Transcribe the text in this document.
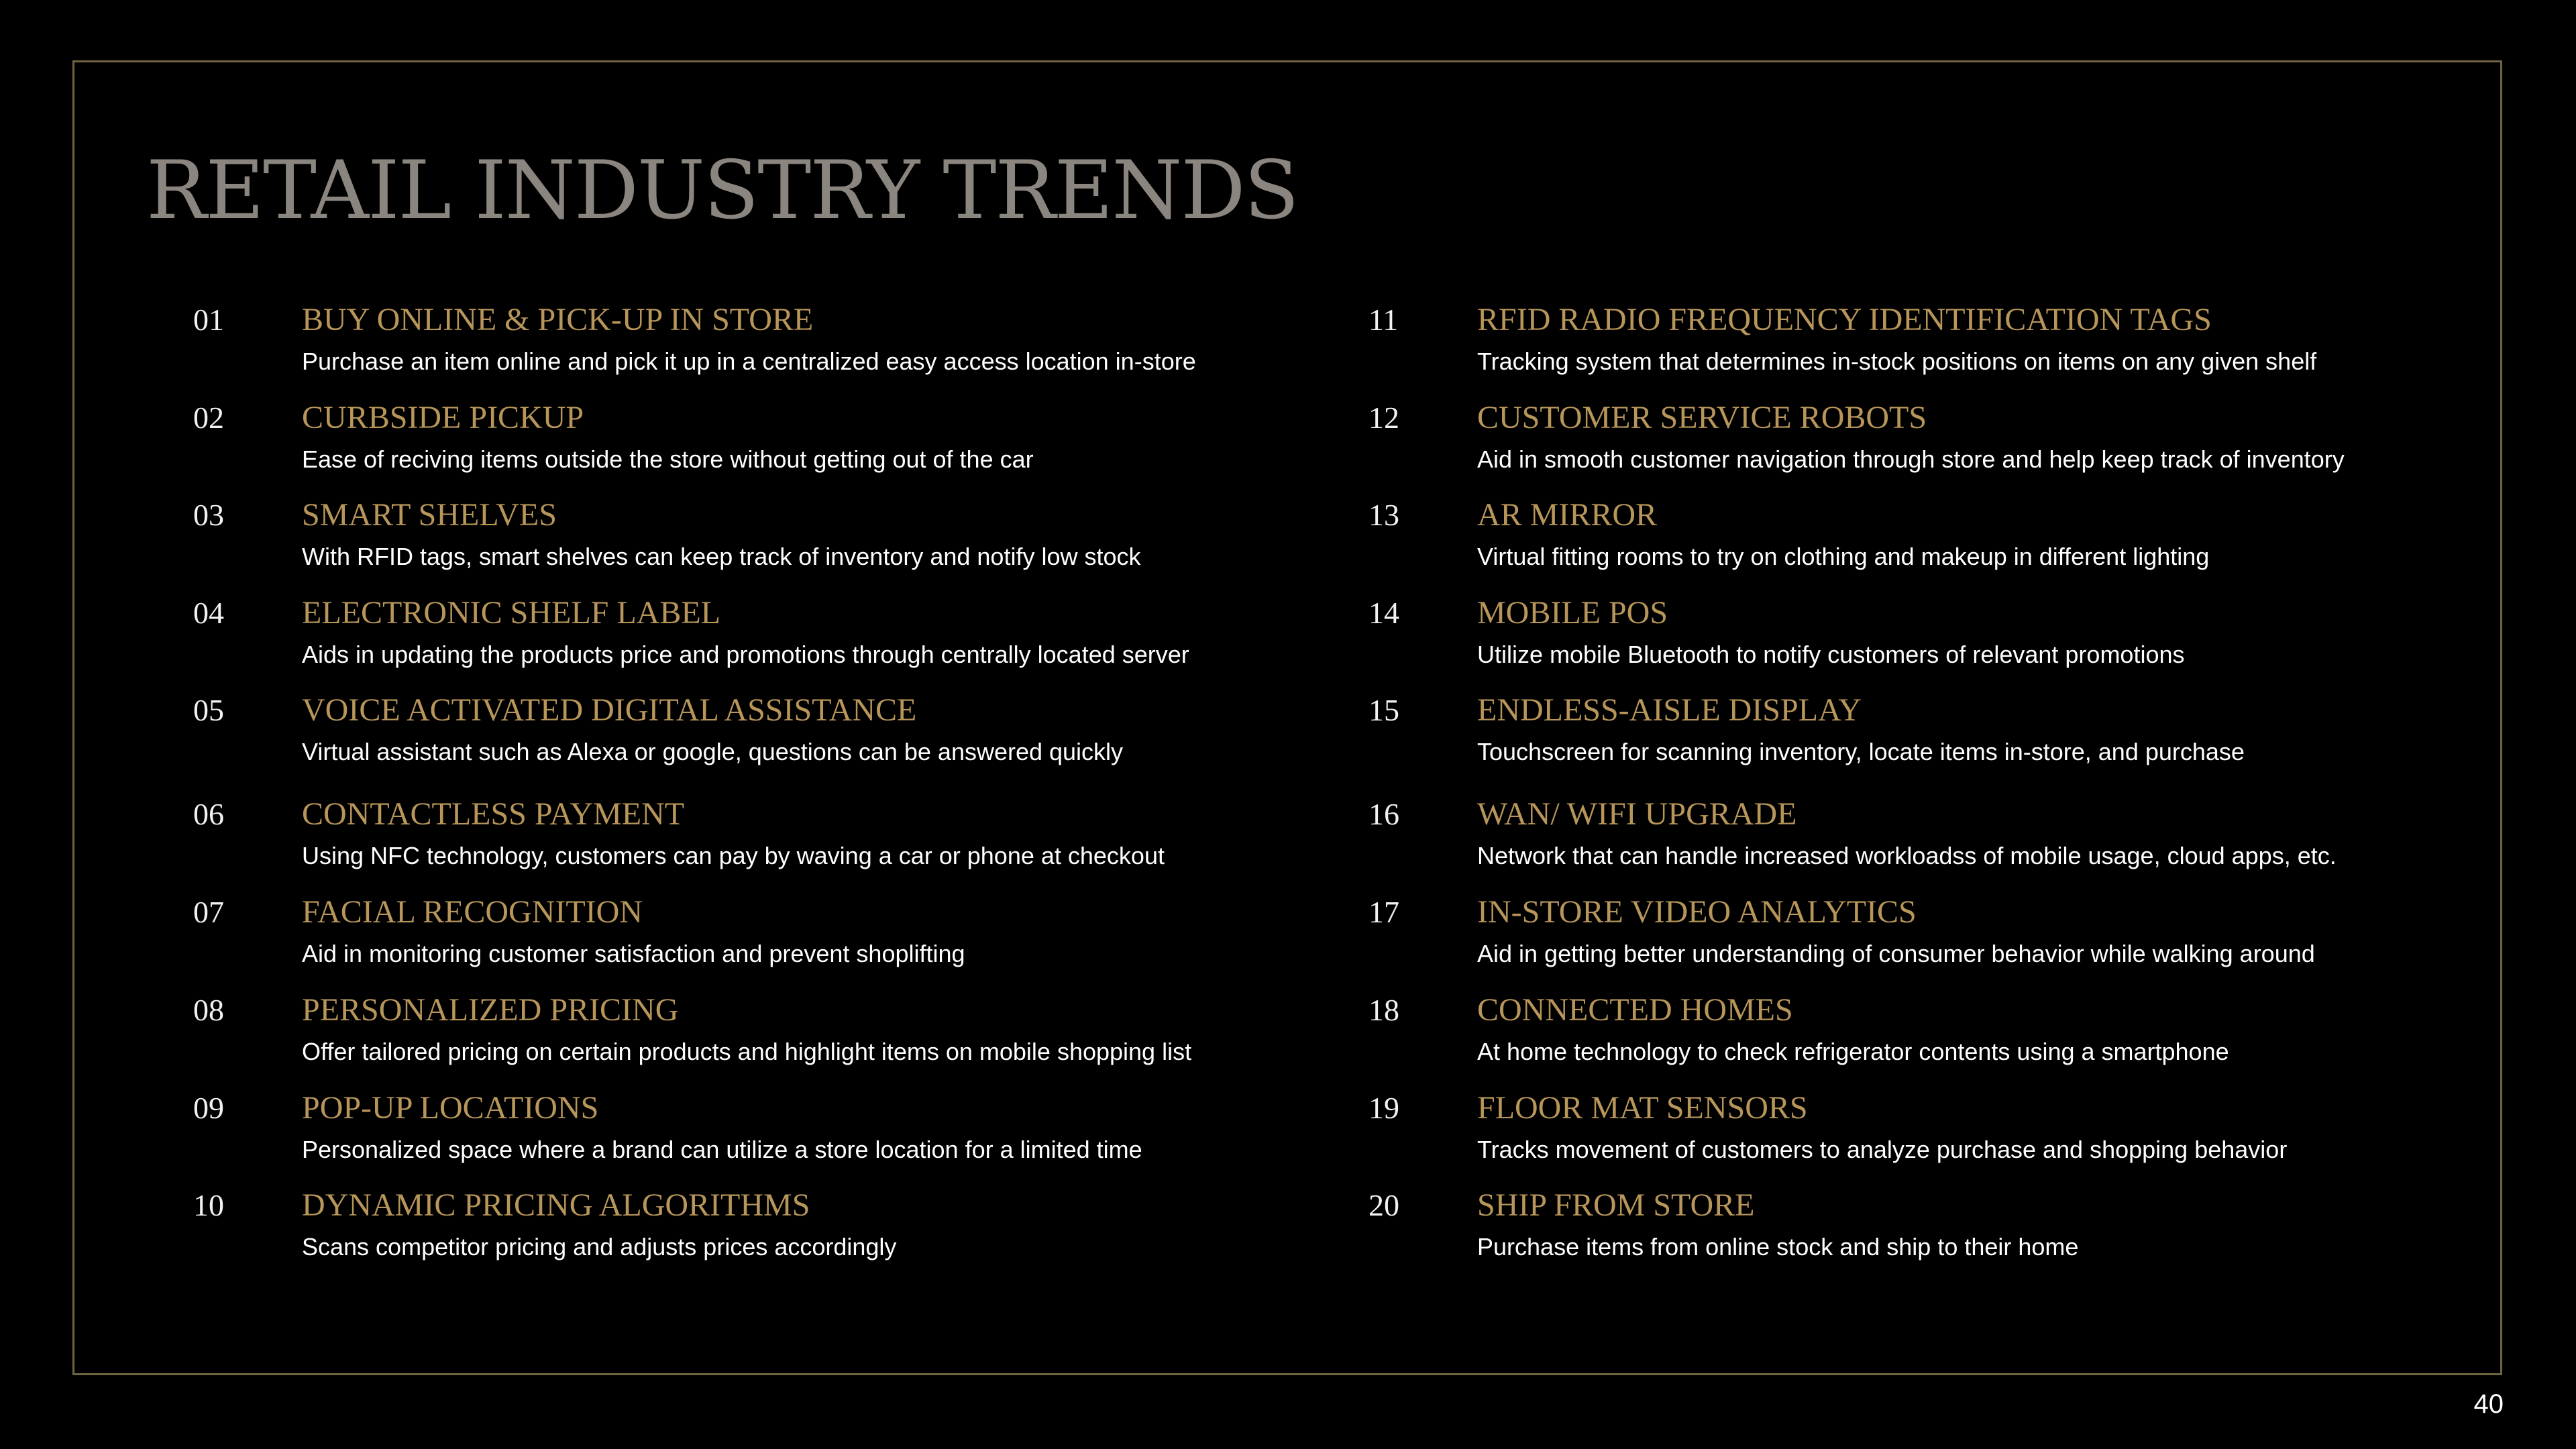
RETAIL INDUSTRY TRENDS
01 BUY ONLINE & PICK-UP IN STORE
Purchase an item online and pick it up in a centralized easy access location in-store
02 CURBSIDE PICKUP
Ease of reciving items outside the store without getting out of the car
03 SMART SHELVES
With RFID tags, smart shelves can keep track of inventory and notify low stock
04 ELECTRONIC SHELF LABEL
Aids in updating the products price and promotions through centrally located server
05 VOICE ACTIVATED DIGITAL ASSISTANCE
Virtual assistant such as Alexa or google, questions can be answered quickly
06 CONTACTLESS PAYMENT
Using NFC technology, customers can pay by waving a car or phone at checkout
07 FACIAL RECOGNITION
Aid in monitoring customer satisfaction and prevent shoplifting
08 PERSONALIZED PRICING
Offer tailored pricing on certain products and highlight items on mobile shopping list
09 POP-UP LOCATIONS
Personalized space where a brand can utilize a store location for a limited time
10 DYNAMIC PRICING ALGORITHMS
Scans competitor pricing and adjusts prices accordingly
11 RFID RADIO FREQUENCY IDENTIFICATION TAGS
Tracking system that determines in-stock positions on items on any given shelf
12 CUSTOMER SERVICE ROBOTS
Aid in smooth customer navigation through store and help keep track of inventory
13 AR MIRROR
Virtual fitting rooms to try on clothing and makeup in different lighting
14 MOBILE POS
Utilize mobile Bluetooth to notify customers of relevant promotions
15 ENDLESS-AISLE DISPLAY
Touchscreen for scanning inventory, locate items in-store, and purchase
16 WAN/ WIFI UPGRADE
Network that can handle increased workloadss of mobile usage, cloud apps, etc.
17 IN-STORE VIDEO ANALYTICS
Aid in getting better understanding of consumer behavior while walking around
18 CONNECTED HOMES
At home technology to check refrigerator contents using a smartphone
19 FLOOR MAT SENSORS
Tracks movement of customers to analyze purchase and shopping behavior
20 SHIP FROM STORE
Purchase items from online stock and ship to their home
40
